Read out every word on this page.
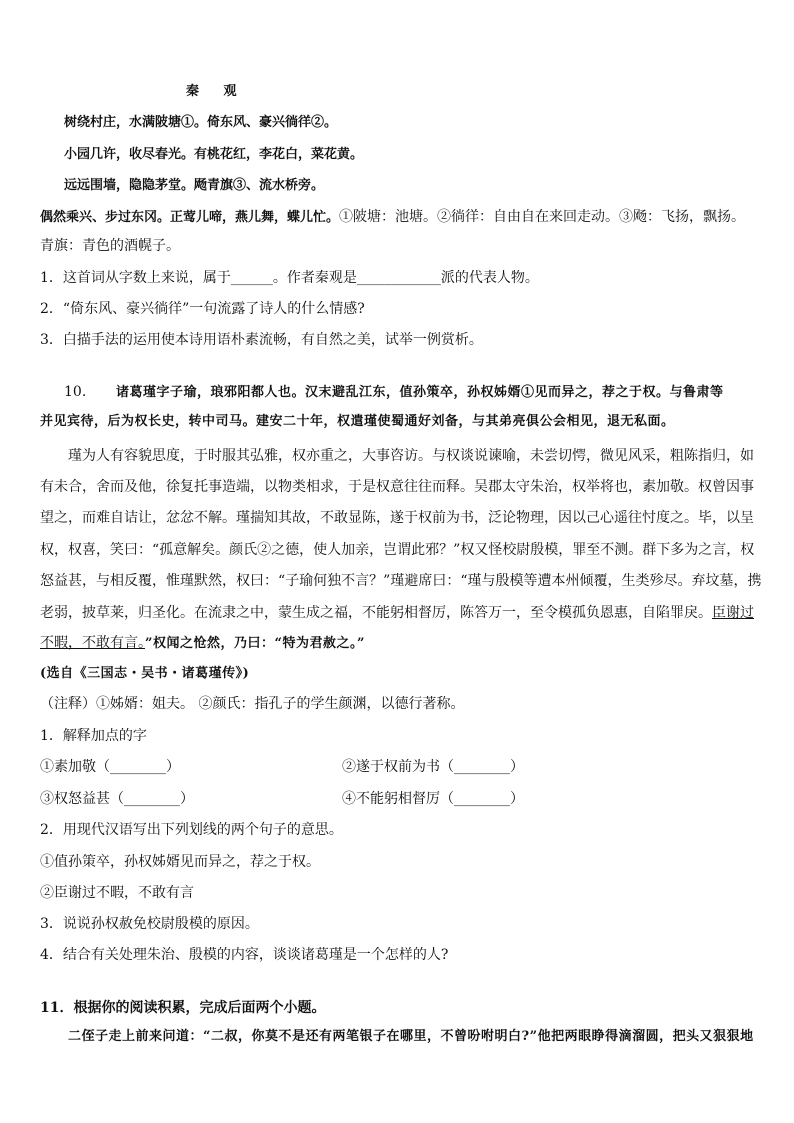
秦 观
树绕村庄，水满陂塘①。倚东风、豪兴徜徉②。
小园几许，收尽春光。有桃花红，李花白，菜花黄。
远远围墙，隐隐茅堂。飏青旗③、流水桥旁。
偶然乘兴、步过东冈。正莺儿啼，燕儿舞，蝶儿忙。①陂塘：池塘。②徜徉：自由自在来回走动。③飏：飞扬，飘扬。
青旗：青色的酒幌子。
1．这首词从字数上来说，属于______。作者秦观是____________派的代表人物。
2．“倚东风、豪兴徜徉”一句流露了诗人的什么情感?
3．白描手法的运用使本诗用语朴素流畅，有自然之美，试举一例赏析。
10. 诸葛瑾字子瑜，琅邪阳都人也。汉末避乱江东，值孙策卒，孙权姊婿①见而异之，荐之于权。与鲁肃等
并见宾待，后为权长史，转中司马。建安二十年，权遣瑾使蜀通好刘备，与其弟亮俱公会相见，退无私面。
瑾为人有容貌思度，于时服其弘雅，权亦重之，大事咨访。与权谈说谏喻，未尝切愕，微见风采，粗陈指归，如
有未合，舍而及他，徐复托事造端，以物类相求，于是权意往往而释。吴郡太守朱治，权举将也，素加敬。权曾因事
望之，而难自诘让，忿忿不解。瑾揣知其故，不敢显陈，遂于权前为书，泛论物理，因以己心遥往忖度之。毕，以呈
权，权喜，笑曰：“孤意解矣。颜氏②之德，使人加亲，岂谓此邪？”权又怪校尉殷模，罪至不测。群下多为之言，权
怒益甚，与相反覆，惟瑾默然，权曰：“子瑜何独不言？”瑾避席曰：“瑾与殷模等遭本州倾覆，生类殄尽。弃坟墓，携
老弱，披草莱，归圣化。在流隶之中，蒙生成之福，不能躬相督厉，陈答万一，至令模孤负恩惠，自陷罪戾。臣谢过
不暇，不敢有言。”权闻之怆然，乃曰：“特为君赦之。”
(选自《三国志・吴书・诸葛瑾传》)
（注释）①姊婿：姐夫。 ②颜氏：指孔子的学生颜渊，以德行著称。
1．解释加点的字
①素加敬（________）	②遂于权前为书（________）
③权怒益甚（________）	④不能躬相督厉（________）
2．用现代汉语写出下列划线的两个句子的意思。
①值孙策卒，孙权姊婿见而异之，荐之于权。
②臣谢过不暇，不敢有言
3．说说孙权赦免校尉殷模的原因。
4．结合有关处理朱治、殷模的内容，谈谈诸葛瑾是一个怎样的人?
11．根据你的阅读积累，完成后面两个小题。
二侄子走上前来问道：“二叔，你莫不是还有两笔银子在哪里，不曾吩咐明白?”他把两眼睁得滴溜圆，把头又狠狠地
